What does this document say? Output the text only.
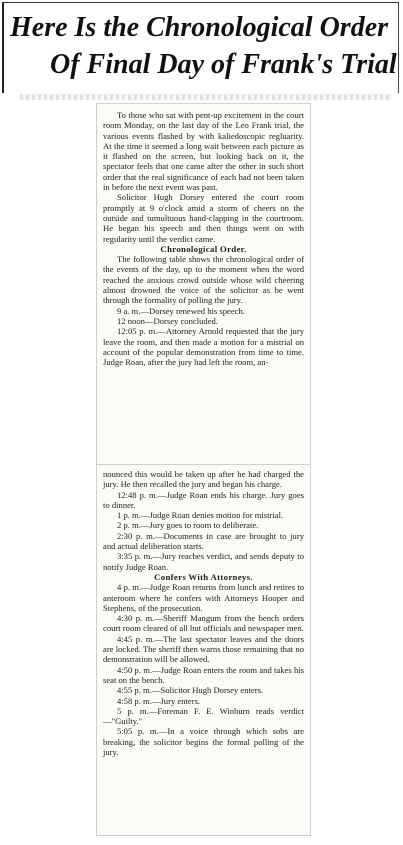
Here Is the Chronological Order
Of Final Day of Frank's Trial

To those who sat with pent-up excitement in the court room Monday, on the last day of the Leo Frank trial, the various events flashed by with kaliedoscopic regluarity. At the time it seemed a long wait between each picture as it flashed on the screen, but looking back on it, the spectator feels that one came after the other in such short order that the real significance of each had not been taken in before the next event was past.

Solicitor Hugh Dorsey entered the court room promptly at 9 o'clock amid a storm of cheers on the outside and tumultuous hand-clapping in the courtroom. He began his speech and then things went on with regularity until the verdict came.

Chronological Order.

The following table shows the chronological order of the events of the day, up to the moment when the word reached the anxious crowd outside whose wild cheering almost drowned the voice of the solicitor as he went through the formality of polling the jury.

9 a. m.—Dorsey renewed his speech.

12 noon—Dorsey concluded.

12:05 p. m.—Attorney Arnold requested that the jury leave the room, and then made a motion for a mistrial on account of the popular demonstration from time to time. Judge Roan, after the jury had left the room, an-

nounced this would be taken up after he had charged the jury. He then recalled the jury and began his charge.

12:48 p. m.—Judge Roan ends his charge. Jury goes to dinner.

1 p. m.—Judge Roan denies motion for mistrial.

2 p. m.—Jury goes to room to deliberate.

2:30 p. m.—Documents in case are brought to jury and actual deliberation starts.

3:35 p. m.—Jury reaches verdict, and sends deputy to notify Judge Roan.

Confers With Attorneys.

4 p. m.—Judge Roan returns from lunch and retires to anteroom where he confers with Attorneys Hooper and Stephens, of the prosecution.

4:30 p. m.—Sheriff Mangum from the bench orders court room cleared of all but officials and newspaper men.

4:45 p. m.—The last spectator leaves and the doors are locked. The sheriff then warns those remaining that no demonstration will be allowed.

4:50 p. m.—Judge Roan enters the room and takes his seat on the bench.

4:55 p. m.—Solicitor Hugh Dorsey enters.

4:58 p. m.—Jury enters.

5 p. m.—Foreman F. E. Winburn reads verdict—"Guilty."

5:05 p. m.—In a voice through which sobs are breaking, the solicitor begins the formal polling of the jury.
